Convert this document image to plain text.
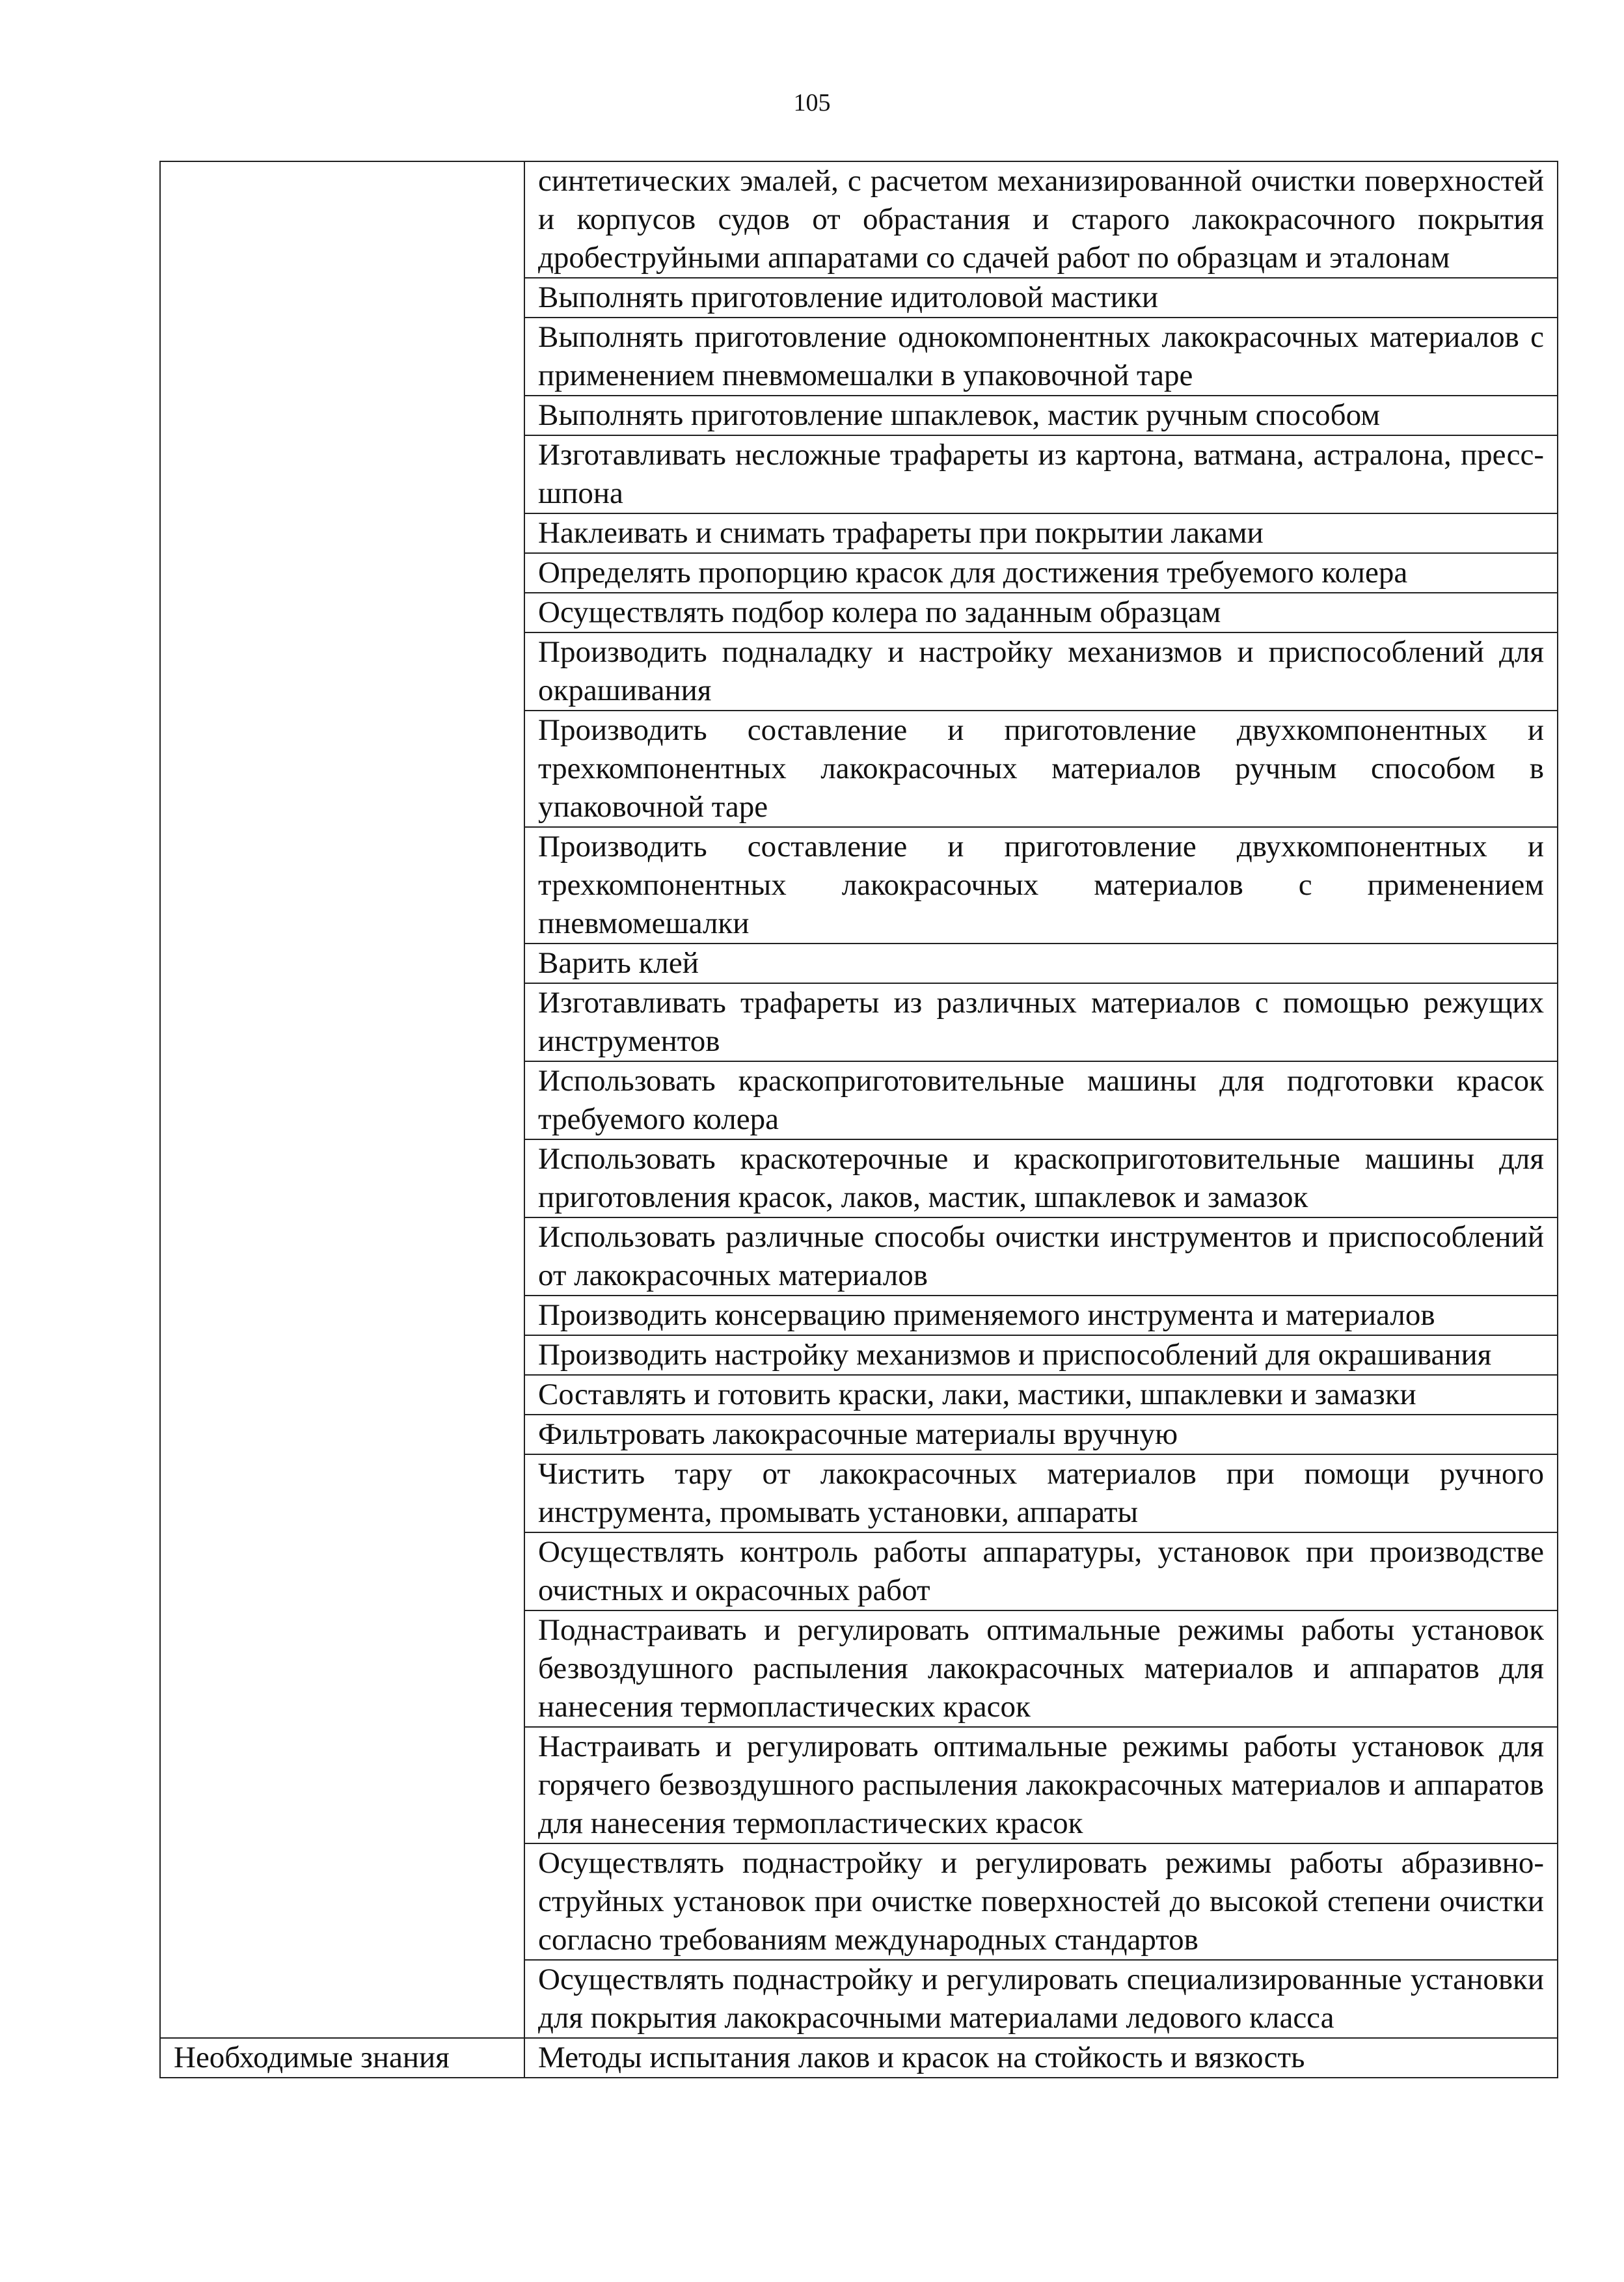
105
	синтетических эмалей, с расчетом механизированной очистки поверхностей и корпусов судов от обрастания и старого лакокрасочного покрытия дробеструйными аппаратами со сдачей работ по образцам и эталонам
	Выполнять приготовление идитоловой мастики
	Выполнять приготовление однокомпонентных лакокрасочных материалов с применением пневмомешалки в упаковочной таре
	Выполнять приготовление шпаклевок, мастик ручным способом
	Изготавливать несложные трафареты из картона, ватмана, астралона, пресс-шпона
	Наклеивать и снимать трафареты при покрытии лаками
	Определять пропорцию красок для достижения требуемого колера
	Осуществлять подбор колера по заданным образцам
	Производить подналадку и настройку механизмов и приспособлений для окрашивания
	Производить составление и приготовление двухкомпонентных и трехкомпонентных лакокрасочных материалов ручным способом в упаковочной таре
	Производить составление и приготовление двухкомпонентных и трехкомпонентных лакокрасочных материалов с применением пневмомешалки
	Варить клей
	Изготавливать трафареты из различных материалов с помощью режущих инструментов
	Использовать краскоприготовительные машины для подготовки красок требуемого колера
	Использовать краскотерочные и краскоприготовительные машины для приготовления красок, лаков, мастик, шпаклевок и замазок
	Использовать различные способы очистки инструментов и приспособлений от лакокрасочных материалов
	Производить консервацию применяемого инструмента и материалов
	Производить настройку механизмов и приспособлений для окрашивания
	Составлять и готовить краски, лаки, мастики, шпаклевки и замазки
	Фильтровать лакокрасочные материалы вручную
	Чистить тару от лакокрасочных материалов при помощи ручного инструмента, промывать установки, аппараты
	Осуществлять контроль работы аппаратуры, установок при производстве очистных и окрасочных работ
	Поднастраивать и регулировать оптимальные режимы работы установок безвоздушного распыления лакокрасочных материалов и аппаратов для нанесения термопластических красок
	Настраивать и регулировать оптимальные режимы работы установок для горячего безвоздушного распыления лакокрасочных материалов и аппаратов для нанесения термопластических красок
	Осуществлять поднастройку и регулировать режимы работы абразивно-струйных установок при очистке поверхностей до высокой степени очистки согласно требованиям международных стандартов
	Осуществлять поднастройку и регулировать специализированные установки для покрытия лакокрасочными материалами ледового класса
Необходимые знания	Методы испытания лаков и красок на стойкость и вязкость
